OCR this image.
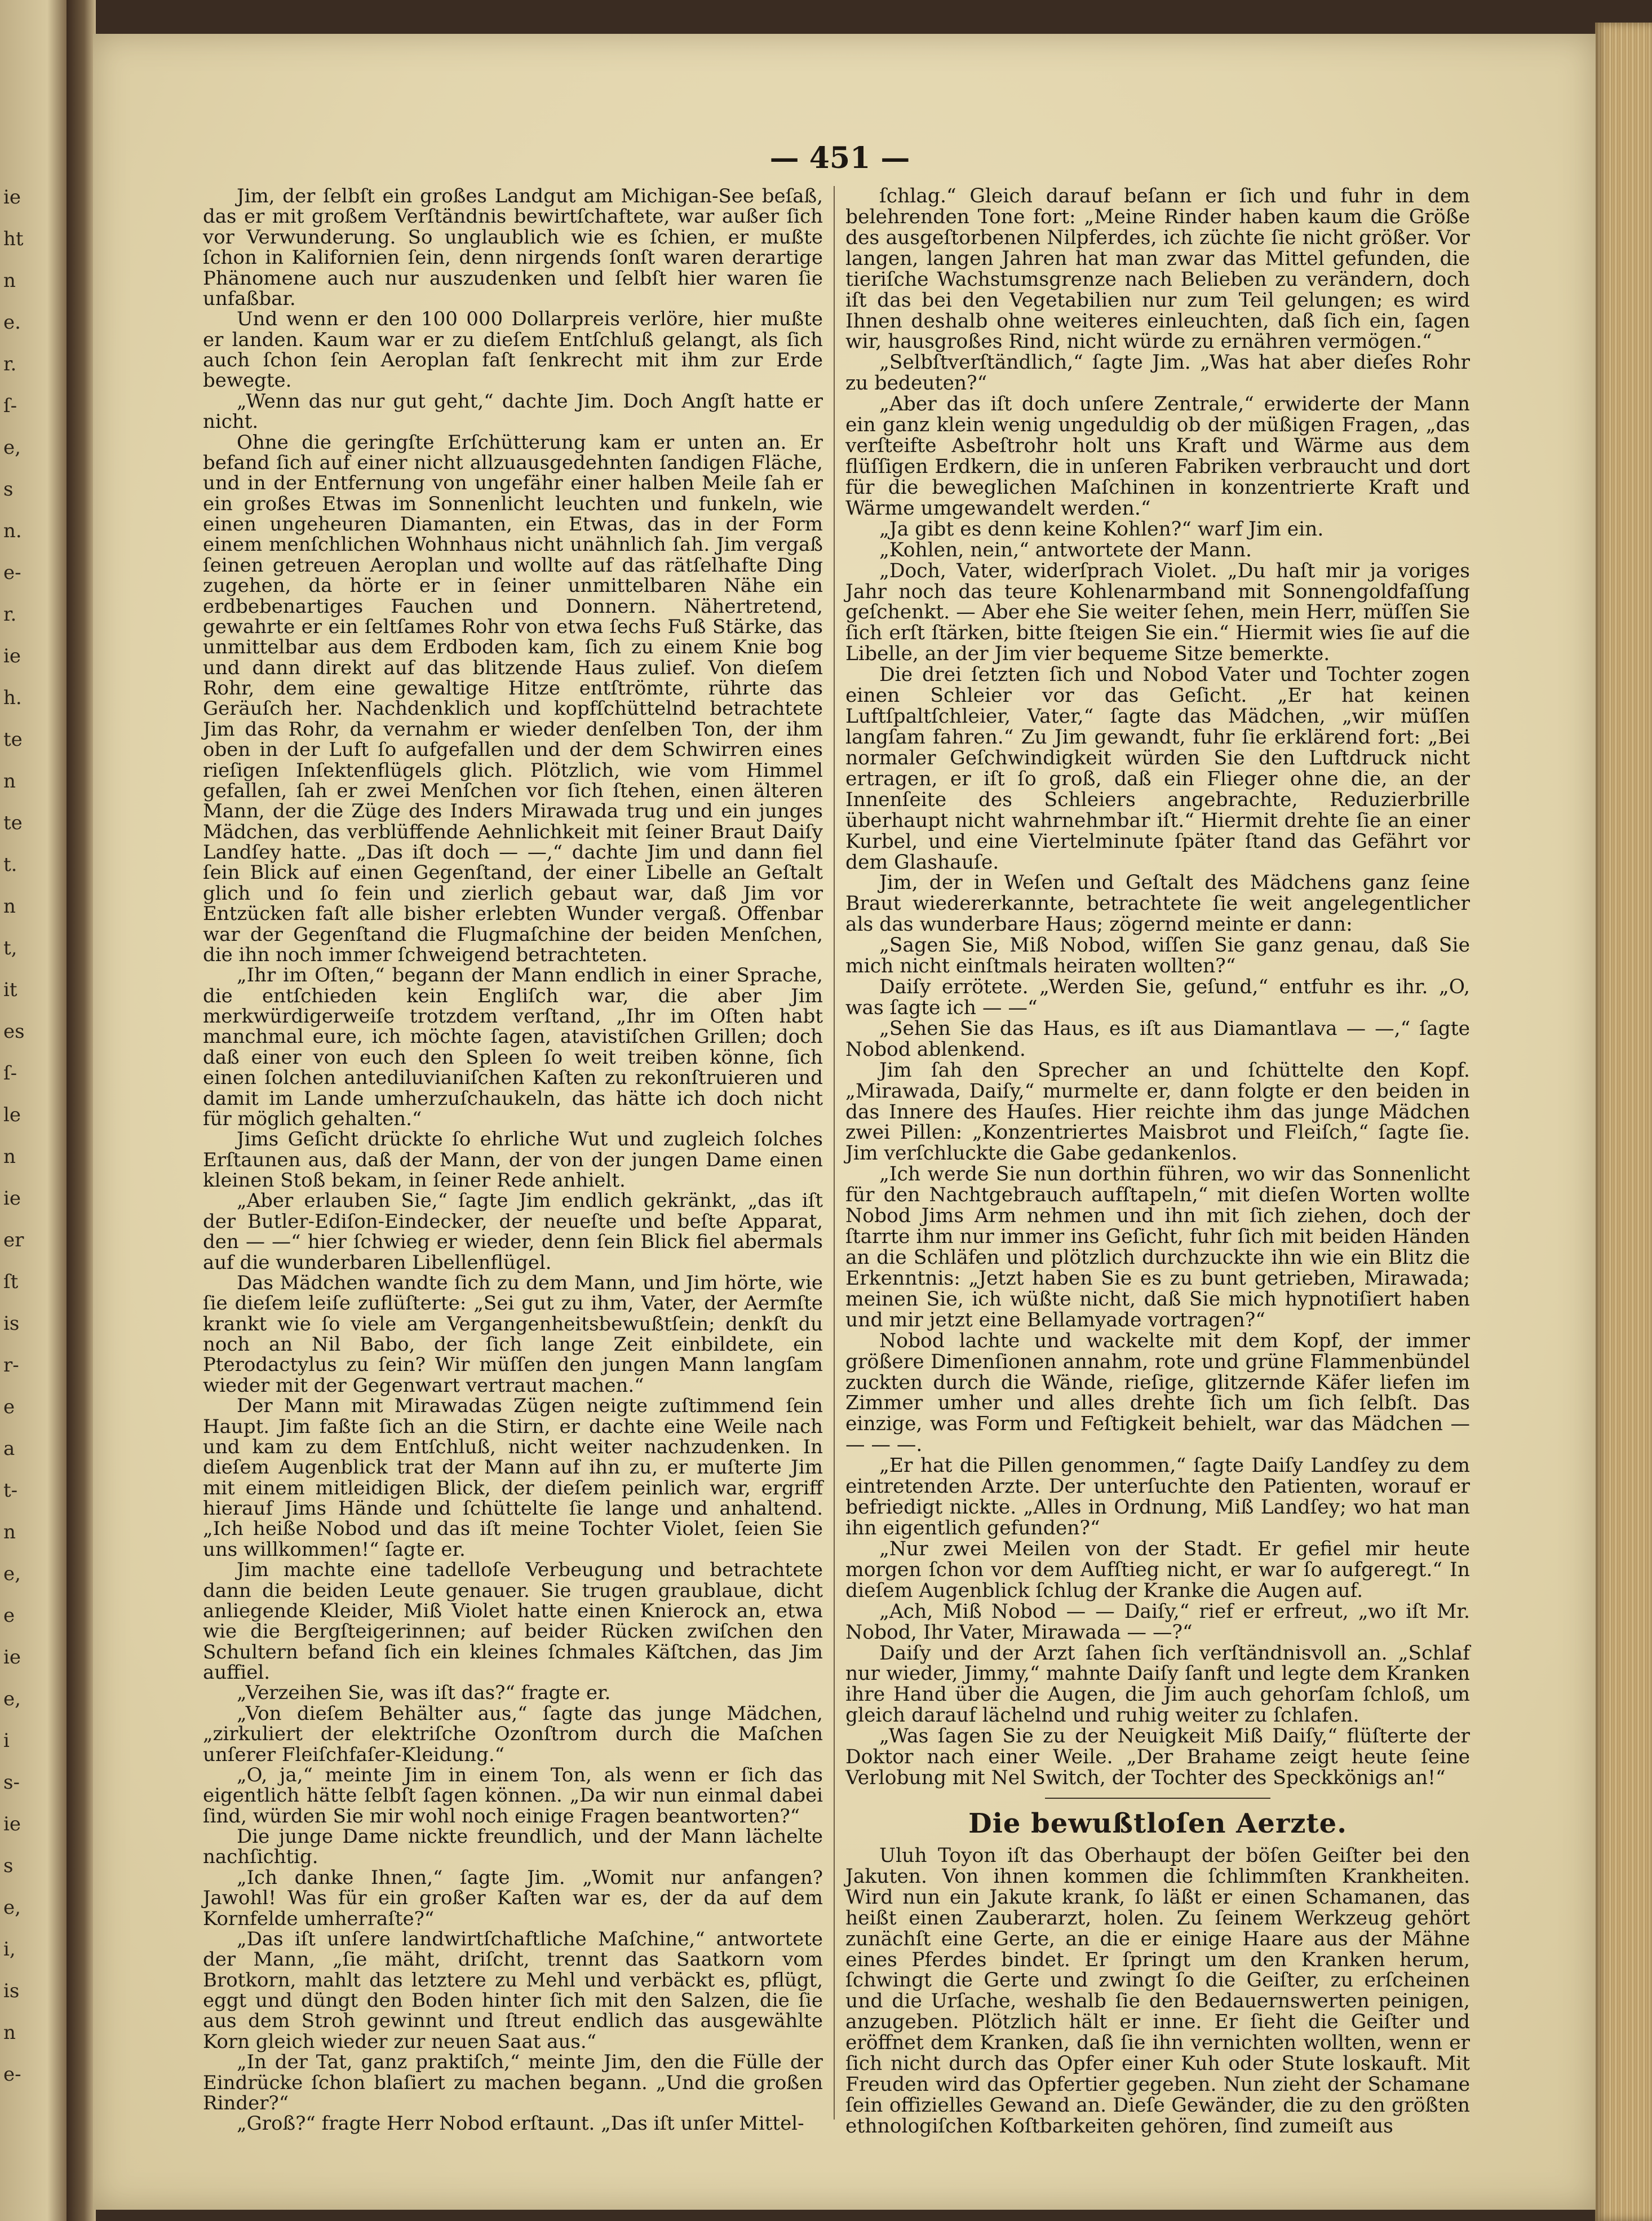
ie
ht
n
e.
r.
ſ-
e,
s
n.
e-
r.
ie
h.
te
n
te
t.
n
t,
it
es
ſ-
le
n
ie
er
ſt
is
r-
e
a
t-
n
e,
e
ie
e,
i
s-
ie
s
e,
i,
is
n
e-
— 451 —

Jim, der ſelbſt ein großes Landgut am Michigan-See beſaß, das er mit großem Verſtändnis bewirtſchaftete, war außer ſich vor Verwunderung. So unglaublich wie es ſchien, er mußte ſchon in Kalifornien ſein, denn nirgends ſonſt waren derartige Phänomene auch nur auszudenken und ſelbſt hier waren ſie unfaßbar.

Und wenn er den 100 000 Dollarpreis verlöre, hier mußte er landen. Kaum war er zu dieſem Entſchluß gelangt, als ſich auch ſchon ſein Aeroplan faſt ſenkrecht mit ihm zur Erde bewegte.

„Wenn das nur gut geht,“ dachte Jim. Doch Angſt hatte er nicht.

Ohne die geringſte Erſchütterung kam er unten an. Er befand ſich auf einer nicht allzuausgedehnten ſandigen Fläche, und in der Entfernung von ungefähr einer halben Meile ſah er ein großes Etwas im Sonnenlicht leuchten und funkeln, wie einen ungeheuren Diamanten, ein Etwas, das in der Form einem menſchlichen Wohnhaus nicht unähnlich ſah. Jim vergaß ſeinen getreuen Aeroplan und wollte auf das rätſelhafte Ding zugehen, da hörte er in ſeiner unmittelbaren Nähe ein erdbebenartiges Fauchen und Donnern. Nähertretend, gewahrte er ein ſeltſames Rohr von etwa ſechs Fuß Stärke, das unmittelbar aus dem Erdboden kam, ſich zu einem Knie bog und dann direkt auf das blitzende Haus zulief. Von dieſem Rohr, dem eine gewaltige Hitze entſtrömte, rührte das Geräuſch her. Nachdenklich und kopfſchüttelnd betrachtete Jim das Rohr, da vernahm er wieder denſelben Ton, der ihm oben in der Luft ſo aufgefallen und der dem Schwirren eines rieſigen Inſektenflügels glich. Plötzlich, wie vom Himmel gefallen, ſah er zwei Menſchen vor ſich ſtehen, einen älteren Mann, der die Züge des Inders Mirawada trug und ein junges Mädchen, das verblüffende Aehnlichkeit mit ſeiner Braut Daiſy Landſey hatte. „Das iſt doch — —,“ dachte Jim und dann fiel ſein Blick auf einen Gegenſtand, der einer Libelle an Geſtalt glich und ſo fein und zierlich gebaut war, daß Jim vor Entzücken faſt alle bisher erlebten Wunder vergaß. Offenbar war der Gegenſtand die Flugmaſchine der beiden Menſchen, die ihn noch immer ſchweigend betrachteten.

„Ihr im Oſten,“ begann der Mann endlich in einer Sprache, die entſchieden kein Engliſch war, die aber Jim merkwürdigerweiſe trotzdem verſtand, „Ihr im Oſten habt manchmal eure, ich möchte ſagen, atavistiſchen Grillen; doch daß einer von euch den Spleen ſo weit treiben könne, ſich einen ſolchen antediluvianiſchen Kaſten zu rekonſtruieren und damit im Lande umherzuſchaukeln, das hätte ich doch nicht für möglich gehalten.“

Jims Geſicht drückte ſo ehrliche Wut und zugleich ſolches Erſtaunen aus, daß der Mann, der von der jungen Dame einen kleinen Stoß bekam, in ſeiner Rede anhielt.

„Aber erlauben Sie,“ ſagte Jim endlich gekränkt, „das iſt der Butler-Ediſon-Eindecker, der neueſte und beſte Apparat, den — —“ hier ſchwieg er wieder, denn ſein Blick fiel abermals auf die wunderbaren Libellenflügel.

Das Mädchen wandte ſich zu dem Mann, und Jim hörte, wie ſie dieſem leiſe zuflüſterte: „Sei gut zu ihm, Vater, der Aermſte krankt wie ſo viele am Vergangenheitsbewußtſein; denkſt du noch an Nil Babo, der ſich lange Zeit einbildete, ein Pterodactylus zu ſein? Wir müſſen den jungen Mann langſam wieder mit der Gegenwart vertraut machen.“

Der Mann mit Mirawadas Zügen neigte zuſtimmend ſein Haupt. Jim faßte ſich an die Stirn, er dachte eine Weile nach und kam zu dem Entſchluß, nicht weiter nachzudenken. In dieſem Augenblick trat der Mann auf ihn zu, er muſterte Jim mit einem mitleidigen Blick, der dieſem peinlich war, ergriff hierauf Jims Hände und ſchüttelte ſie lange und anhaltend. „Ich heiße Nobod und das iſt meine Tochter Violet, ſeien Sie uns willkommen!“ ſagte er.

Jim machte eine tadelloſe Verbeugung und betrachtete dann die beiden Leute genauer. Sie trugen graublaue, dicht anliegende Kleider, Miß Violet hatte einen Knierock an, etwa wie die Bergſteigerinnen; auf beider Rücken zwiſchen den Schultern befand ſich ein kleines ſchmales Käſtchen, das Jim auffiel.

„Verzeihen Sie, was iſt das?“ fragte er.

„Von dieſem Behälter aus,“ ſagte das junge Mädchen, „zirkuliert der elektriſche Ozonſtrom durch die Maſchen unſerer Fleiſchfaſer-Kleidung.“

„O, ja,“ meinte Jim in einem Ton, als wenn er ſich das eigentlich hätte ſelbſt ſagen können. „Da wir nun einmal dabei ſind, würden Sie mir wohl noch einige Fragen beantworten?“

Die junge Dame nickte freundlich, und der Mann lächelte nachſichtig.

„Ich danke Ihnen,“ ſagte Jim. „Womit nur anfangen? Jawohl! Was für ein großer Kaſten war es, der da auf dem Kornfelde umherraſte?“

„Das iſt unſere landwirtſchaftliche Maſchine,“ antwortete der Mann, „ſie mäht, driſcht, trennt das Saatkorn vom Brotkorn, mahlt das letztere zu Mehl und verbäckt es, pflügt, eggt und düngt den Boden hinter ſich mit den Salzen, die ſie aus dem Stroh gewinnt und ſtreut endlich das ausgewählte Korn gleich wieder zur neuen Saat aus.“

„In der Tat, ganz praktiſch,“ meinte Jim, den die Fülle der Eindrücke ſchon blaſiert zu machen begann. „Und die großen Rinder?“

„Groß?“ fragte Herr Nobod erſtaunt. „Das iſt unſer Mittel-

ſchlag.“ Gleich darauf beſann er ſich und fuhr in dem belehrenden Tone fort: „Meine Rinder haben kaum die Größe des ausgeſtorbenen Nilpferdes, ich züchte ſie nicht größer. Vor langen, langen Jahren hat man zwar das Mittel gefunden, die tieriſche Wachstumsgrenze nach Belieben zu verändern, doch iſt das bei den Vegetabilien nur zum Teil gelungen; es wird Ihnen deshalb ohne weiteres einleuchten, daß ſich ein, ſagen wir, hausgroßes Rind, nicht würde zu ernähren vermögen.“

„Selbſtverſtändlich,“ ſagte Jim. „Was hat aber dieſes Rohr zu bedeuten?“

„Aber das iſt doch unſere Zentrale,“ erwiderte der Mann ein ganz klein wenig ungeduldig ob der müßigen Fragen, „das verſteifte Asbeſtrohr holt uns Kraft und Wärme aus dem flüſſigen Erdkern, die in unſeren Fabriken verbraucht und dort für die beweglichen Maſchinen in konzentrierte Kraft und Wärme umgewandelt werden.“

„Ja gibt es denn keine Kohlen?“ warf Jim ein.

„Kohlen, nein,“ antwortete der Mann.

„Doch, Vater, widerſprach Violet. „Du haſt mir ja voriges Jahr noch das teure Kohlenarmband mit Sonnengoldfaſſung geſchenkt. — Aber ehe Sie weiter ſehen, mein Herr, müſſen Sie ſich erſt ſtärken, bitte ſteigen Sie ein.“ Hiermit wies ſie auf die Libelle, an der Jim vier bequeme Sitze bemerkte.

Die drei ſetzten ſich und Nobod Vater und Tochter zogen einen Schleier vor das Geſicht. „Er hat keinen Luftſpaltſchleier, Vater,“ ſagte das Mädchen, „wir müſſen langſam fahren.“ Zu Jim gewandt, fuhr ſie erklärend fort: „Bei normaler Geſchwindigkeit würden Sie den Luftdruck nicht ertragen, er iſt ſo groß, daß ein Flieger ohne die, an der Innenſeite des Schleiers angebrachte, Reduzierbrille überhaupt nicht wahrnehmbar iſt.“ Hiermit drehte ſie an einer Kurbel, und eine Viertelminute ſpäter ſtand das Gefährt vor dem Glashauſe.

Jim, der in Weſen und Geſtalt des Mädchens ganz ſeine Braut wiedererkannte, betrachtete ſie weit angelegentlicher als das wunderbare Haus; zögernd meinte er dann:

„Sagen Sie, Miß Nobod, wiſſen Sie ganz genau, daß Sie mich nicht einſtmals heiraten wollten?“

Daiſy errötete. „Werden Sie, geſund,“ entfuhr es ihr. „O, was ſagte ich — —“

„Sehen Sie das Haus, es iſt aus Diamantlava — —,“ ſagte Nobod ablenkend.

Jim ſah den Sprecher an und ſchüttelte den Kopf. „Mirawada, Daiſy,“ murmelte er, dann folgte er den beiden in das Innere des Hauſes. Hier reichte ihm das junge Mädchen zwei Pillen: „Konzentriertes Maisbrot und Fleiſch,“ ſagte ſie. Jim verſchluckte die Gabe gedankenlos.

„Ich werde Sie nun dorthin führen, wo wir das Sonnenlicht für den Nachtgebrauch aufſtapeln,“ mit dieſen Worten wollte Nobod Jims Arm nehmen und ihn mit ſich ziehen, doch der ſtarrte ihm nur immer ins Geſicht, fuhr ſich mit beiden Händen an die Schläfen und plötzlich durchzuckte ihn wie ein Blitz die Erkenntnis: „Jetzt haben Sie es zu bunt getrieben, Mirawada; meinen Sie, ich wüßte nicht, daß Sie mich hypnotiſiert haben und mir jetzt eine Bellamyade vortragen?“

Nobod lachte und wackelte mit dem Kopf, der immer größere Dimenſionen annahm, rote und grüne Flammenbündel zuckten durch die Wände, rieſige, glitzernde Käfer liefen im Zimmer umher und alles drehte ſich um ſich ſelbſt. Das einzige, was Form und Feſtigkeit behielt, war das Mädchen — — — —.

„Er hat die Pillen genommen,“ ſagte Daiſy Landſey zu dem eintretenden Arzte. Der unterſuchte den Patienten, worauf er befriedigt nickte. „Alles in Ordnung, Miß Landſey; wo hat man ihn eigentlich gefunden?“

„Nur zwei Meilen von der Stadt. Er gefiel mir heute morgen ſchon vor dem Aufſtieg nicht, er war ſo aufgeregt.“ In dieſem Augenblick ſchlug der Kranke die Augen auf.

„Ach, Miß Nobod — — Daiſy,“ rief er erfreut, „wo iſt Mr. Nobod, Ihr Vater, Mirawada — —?“

Daiſy und der Arzt ſahen ſich verſtändnisvoll an. „Schlaf nur wieder, Jimmy,“ mahnte Daiſy ſanft und legte dem Kranken ihre Hand über die Augen, die Jim auch gehorſam ſchloß, um gleich darauf lächelnd und ruhig weiter zu ſchlafen.

„Was ſagen Sie zu der Neuigkeit Miß Daiſy,“ flüſterte der Doktor nach einer Weile. „Der Brahame zeigt heute ſeine Verlobung mit Nel Switch, der Tochter des Speckkönigs an!“

Die bewußtloſen Aerzte.

Uluh Toyon iſt das Oberhaupt der böſen Geiſter bei den Jakuten. Von ihnen kommen die ſchlimmſten Krankheiten. Wird nun ein Jakute krank, ſo läßt er einen Schamanen, das heißt einen Zauberarzt, holen. Zu ſeinem Werkzeug gehört zunächſt eine Gerte, an die er einige Haare aus der Mähne eines Pferdes bindet. Er ſpringt um den Kranken herum, ſchwingt die Gerte und zwingt ſo die Geiſter, zu erſcheinen und die Urſache, weshalb ſie den Bedauernswerten peinigen, anzugeben. Plötzlich hält er inne. Er ſieht die Geiſter und eröffnet dem Kranken, daß ſie ihn vernichten wollten, wenn er ſich nicht durch das Opfer einer Kuh oder Stute loskauft. Mit Freuden wird das Opfertier gegeben. Nun zieht der Schamane ſein offizielles Gewand an. Dieſe Gewänder, die zu den größten ethnologiſchen Koſtbarkeiten gehören, ſind zumeiſt aus
